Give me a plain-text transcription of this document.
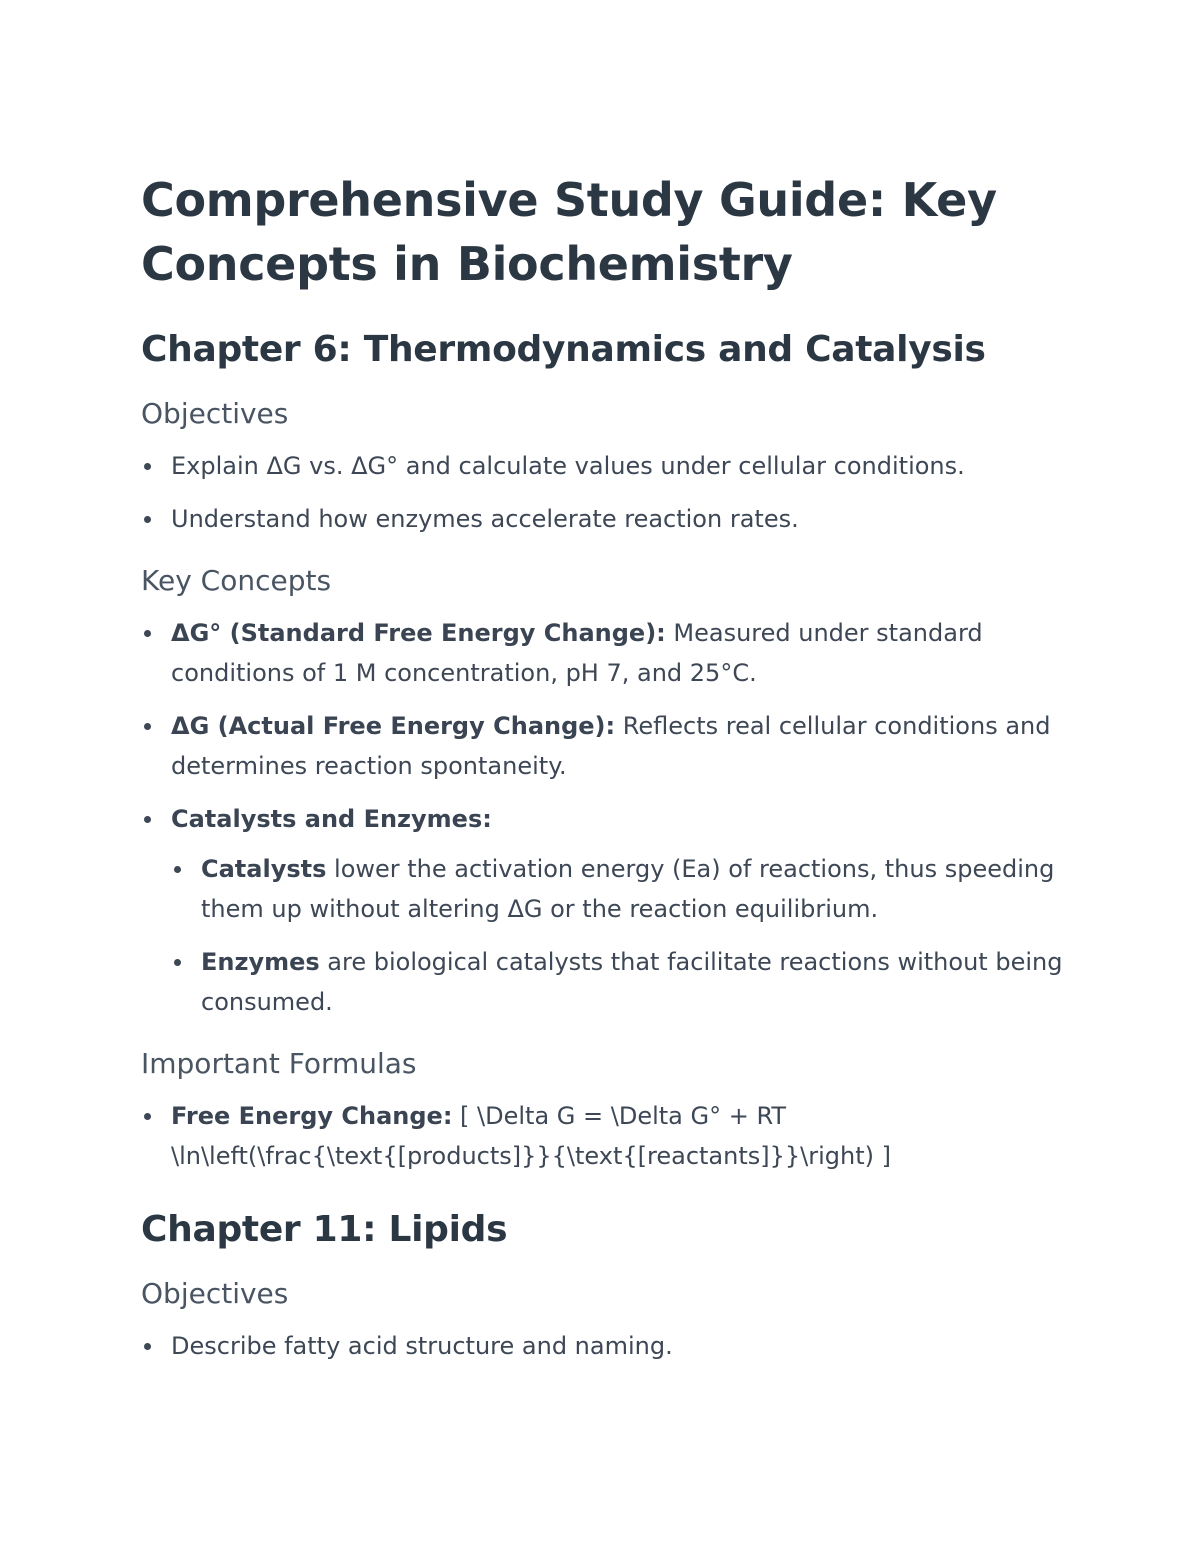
Comprehensive Study Guide: Key Concepts in Biochemistry
Chapter 6: Thermodynamics and Catalysis
Objectives
Explain ΔG vs. ΔG° and calculate values under cellular conditions.
Understand how enzymes accelerate reaction rates.
Key Concepts
ΔG° (Standard Free Energy Change): Measured under standard conditions of 1 M concentration, pH 7, and 25°C.
ΔG (Actual Free Energy Change): Reflects real cellular conditions and determines reaction spontaneity.
Catalysts and Enzymes:
Catalysts lower the activation energy (Ea) of reactions, thus speeding them up without altering ΔG or the reaction equilibrium.
Enzymes are biological catalysts that facilitate reactions without being consumed.
Important Formulas
Free Energy Change: [ \Delta G = \Delta G° + RT \ln\left(\frac{\text{[products]}}{\text{[reactants]}}\right) ]
Chapter 11: Lipids
Objectives
Describe fatty acid structure and naming.
